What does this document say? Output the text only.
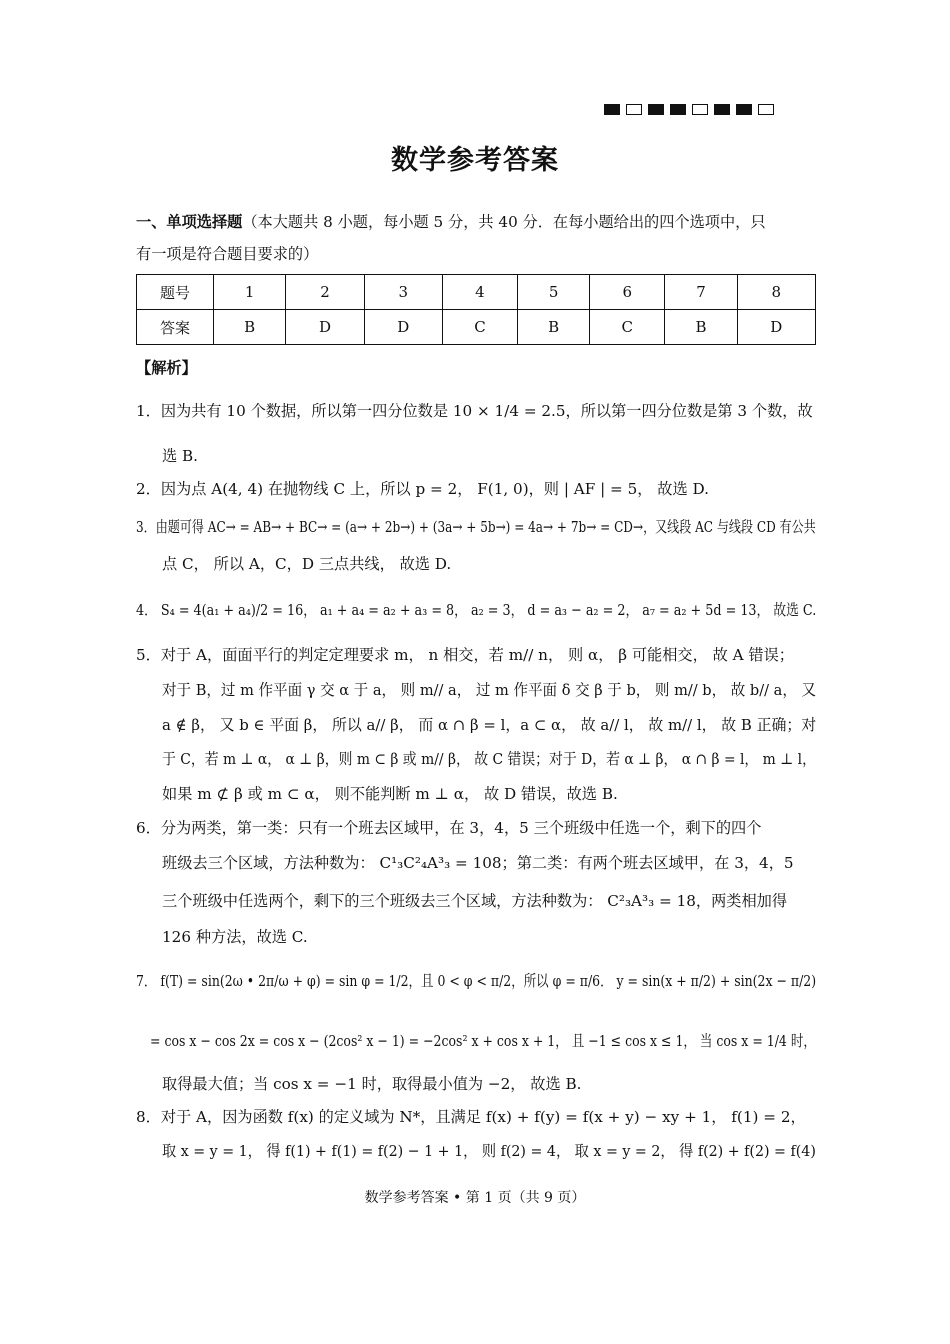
数学参考答案
一、单项选择题（本大题共 8 小题，每小题 5 分，共 40 分．在每小题给出的四个选项中，只
有一项是符合题目要求的）
题号	1	2	3	4	5	6	7	8
答案	B	D	D	C	B	C	B	D
【解析】
1．因为共有 10 个数据，所以第一四分位数是 10 × 1/4 = 2.5，所以第一四分位数是第 3 个数，故
选 B.
2．因为点 A(4, 4) 在抛物线 C 上，所以 p = 2， F(1, 0)，则 | AF | = 5， 故选 D.
3．由题可得 AC→ = AB→ + BC→ = (a→ + 2b→) + (3a→ + 5b→) = 4a→ + 7b→ = CD→，又线段 AC 与线段 CD 有公共
点 C， 所以 A，C，D 三点共线， 故选 D.
4． S₄ = 4(a₁ + a₄)/2 = 16， a₁ + a₄ = a₂ + a₃ = 8， a₂ = 3， d = a₃ − a₂ = 2， a₇ = a₂ + 5d = 13， 故选 C.
5．对于 A，面面平行的判定定理要求 m， n 相交，若 m// n， 则 α， β 可能相交， 故 A 错误；
对于 B，过 m 作平面 γ 交 α 于 a， 则 m// a， 过 m 作平面 δ 交 β 于 b， 则 m// b， 故 b// a， 又
a ∉ β， 又 b ∈ 平面 β， 所以 a// β， 而 α ∩ β = l，a ⊂ α， 故 a// l， 故 m// l， 故 B 正确；对
于 C，若 m ⊥ α， α ⊥ β，则 m ⊂ β 或 m// β， 故 C 错误；对于 D，若 α ⊥ β， α ∩ β = l， m ⊥ l，
如果 m ⊄ β 或 m ⊂ α， 则不能判断 m ⊥ α， 故 D 错误，故选 B.
6．分为两类，第一类：只有一个班去区域甲，在 3，4，5 三个班级中任选一个，剩下的四个
班级去三个区域，方法种数为： C¹₃C²₄A³₃ = 108；第二类：有两个班去区域甲，在 3，4，5
三个班级中任选两个，剩下的三个班级去三个区域，方法种数为： C²₃A³₃ = 18，两类相加得
126 种方法，故选 C.
7． f(T) = sin(2ω • 2π/ω + φ) = sin φ = 1/2，且 0 < φ < π/2，所以 φ = π/6． y = sin(x + π/2) + sin(2x − π/2)
= cos x − cos 2x = cos x − (2cos² x − 1) = −2cos² x + cos x + 1， 且 −1 ≤ cos x ≤ 1， 当 cos x = 1/4 时，
取得最大值；当 cos x = −1 时，取得最小值为 −2， 故选 B.
8．对于 A，因为函数 f(x) 的定义域为 N*，且满足 f(x) + f(y) = f(x + y) − xy + 1， f(1) = 2，
取 x = y = 1， 得 f(1) + f(1) = f(2) − 1 + 1， 则 f(2) = 4， 取 x = y = 2， 得 f(2) + f(2) = f(4)
数学参考答案 • 第 1 页（共 9 页）
